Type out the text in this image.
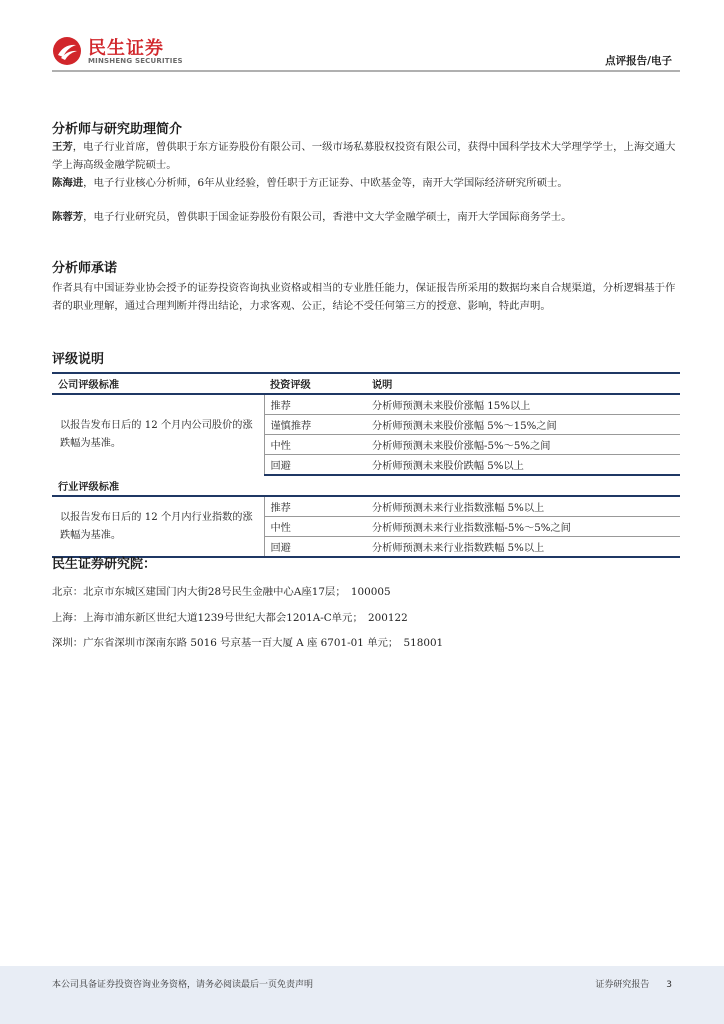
民生证券
MINSHENG SECURITIES	点评报告/电子
分析师与研究助理简介
王芳，电子行业首席，曾供职于东方证券股份有限公司、一级市场私募股权投资有限公司，获得中国科学技术大学理学学士，上海交通大学上海高级金融学院硕士。
陈海进，电子行业核心分析师，6年从业经验，曾任职于方正证券、中欧基金等，南开大学国际经济研究所硕士。
陈蓉芳，电子行业研究员，曾供职于国金证券股份有限公司，香港中文大学金融学硕士，南开大学国际商务学士。
分析师承诺
作者具有中国证券业协会授予的证券投资咨询执业资格或相当的专业胜任能力，保证报告所采用的数据均来自合规渠道，分析逻辑基于作者的职业理解，通过合理判断并得出结论，力求客观、公正，结论不受任何第三方的授意、影响，特此声明。
评级说明
公司评级标准	投资评级	说明
以报告发布日后的 12 个月内公司股价的涨跌幅为基准。	推荐	分析师预测未来股价涨幅 15%以上
	谨慎推荐	分析师预测未来股价涨幅 5%～15%之间
	中性	分析师预测未来股价涨幅-5%～5%之间
	回避	分析师预测未来股价跌幅 5%以上
行业评级标准		
以报告发布日后的 12 个月内行业指数的涨跌幅为基准。	推荐	分析师预测未来行业指数涨幅 5%以上
	中性	分析师预测未来行业指数涨幅-5%～5%之间
	回避	分析师预测未来行业指数跌幅 5%以上
民生证券研究院：
北京：北京市东城区建国门内大街28号民生金融中心A座17层；　100005
上海：上海市浦东新区世纪大道1239号世纪大都会1201A-C单元；　200122
深圳：广东省深圳市深南东路 5016 号京基一百大厦 A 座 6701-01 单元；　518001
本公司具备证券投资咨询业务资格，请务必阅读最后一页免责声明	证券研究报告 3
